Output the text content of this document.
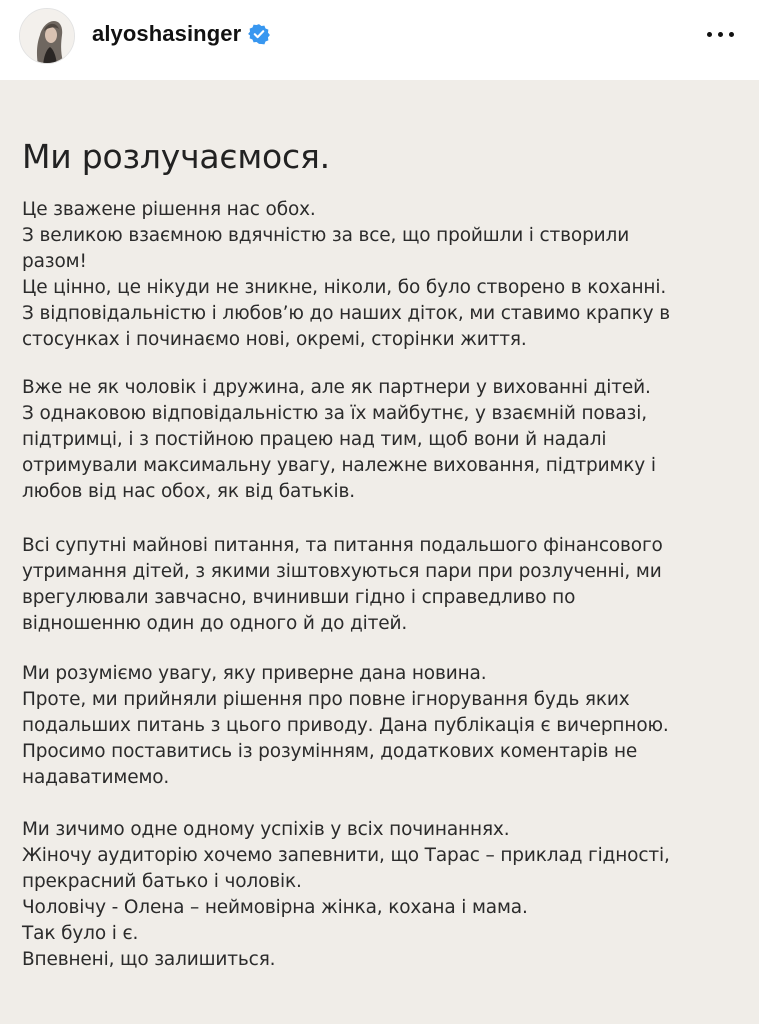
alyoshasinger
Ми розлучаємося.

Це зважене рішення нас обох.

З великою взаємною вдячністю за все, що пройшли і створили

разом!

Це цінно, це нікуди не зникне, ніколи, бо було створено в коханні.

З відповідальністю і любов’ю до наших діток, ми ставимо крапку в

стосунках і починаємо нові, окремі, сторінки життя.

Вже не як чоловік і дружина, але як партнери у вихованні дітей.

З однаковою відповідальністю за їх майбутнє, у взаємній повазі,

підтримці, і з постійною працею над тим, щоб вони й надалі

отримували максимальну увагу, належне виховання, підтримку і

любов від нас обох, як від батьків.

Всі супутні майнові питання, та питання подальшого фінансового

утримання дітей, з якими зіштовхуються пари при розлученні, ми

врегулювали завчасно, вчинивши гідно і справедливо по

відношенню один до одного й до дітей.

Ми розуміємо увагу, яку приверне дана новина.

Проте, ми прийняли рішення про повне ігнорування будь яких

подальших питань з цього приводу. Дана публікація є вичерпною.

Просимо поставитись із розумінням, додаткових коментарів не

надаватимемо.

Ми зичимо одне одному успіхів у всіх починаннях.

Жіночу аудиторію хочемо запевнити, що Тарас – приклад гідності,

прекрасний батько і чоловік.

Чоловічу - Олена – неймовірна жінка, кохана і мама.

Так було і є.

Впевнені, що залишиться.
